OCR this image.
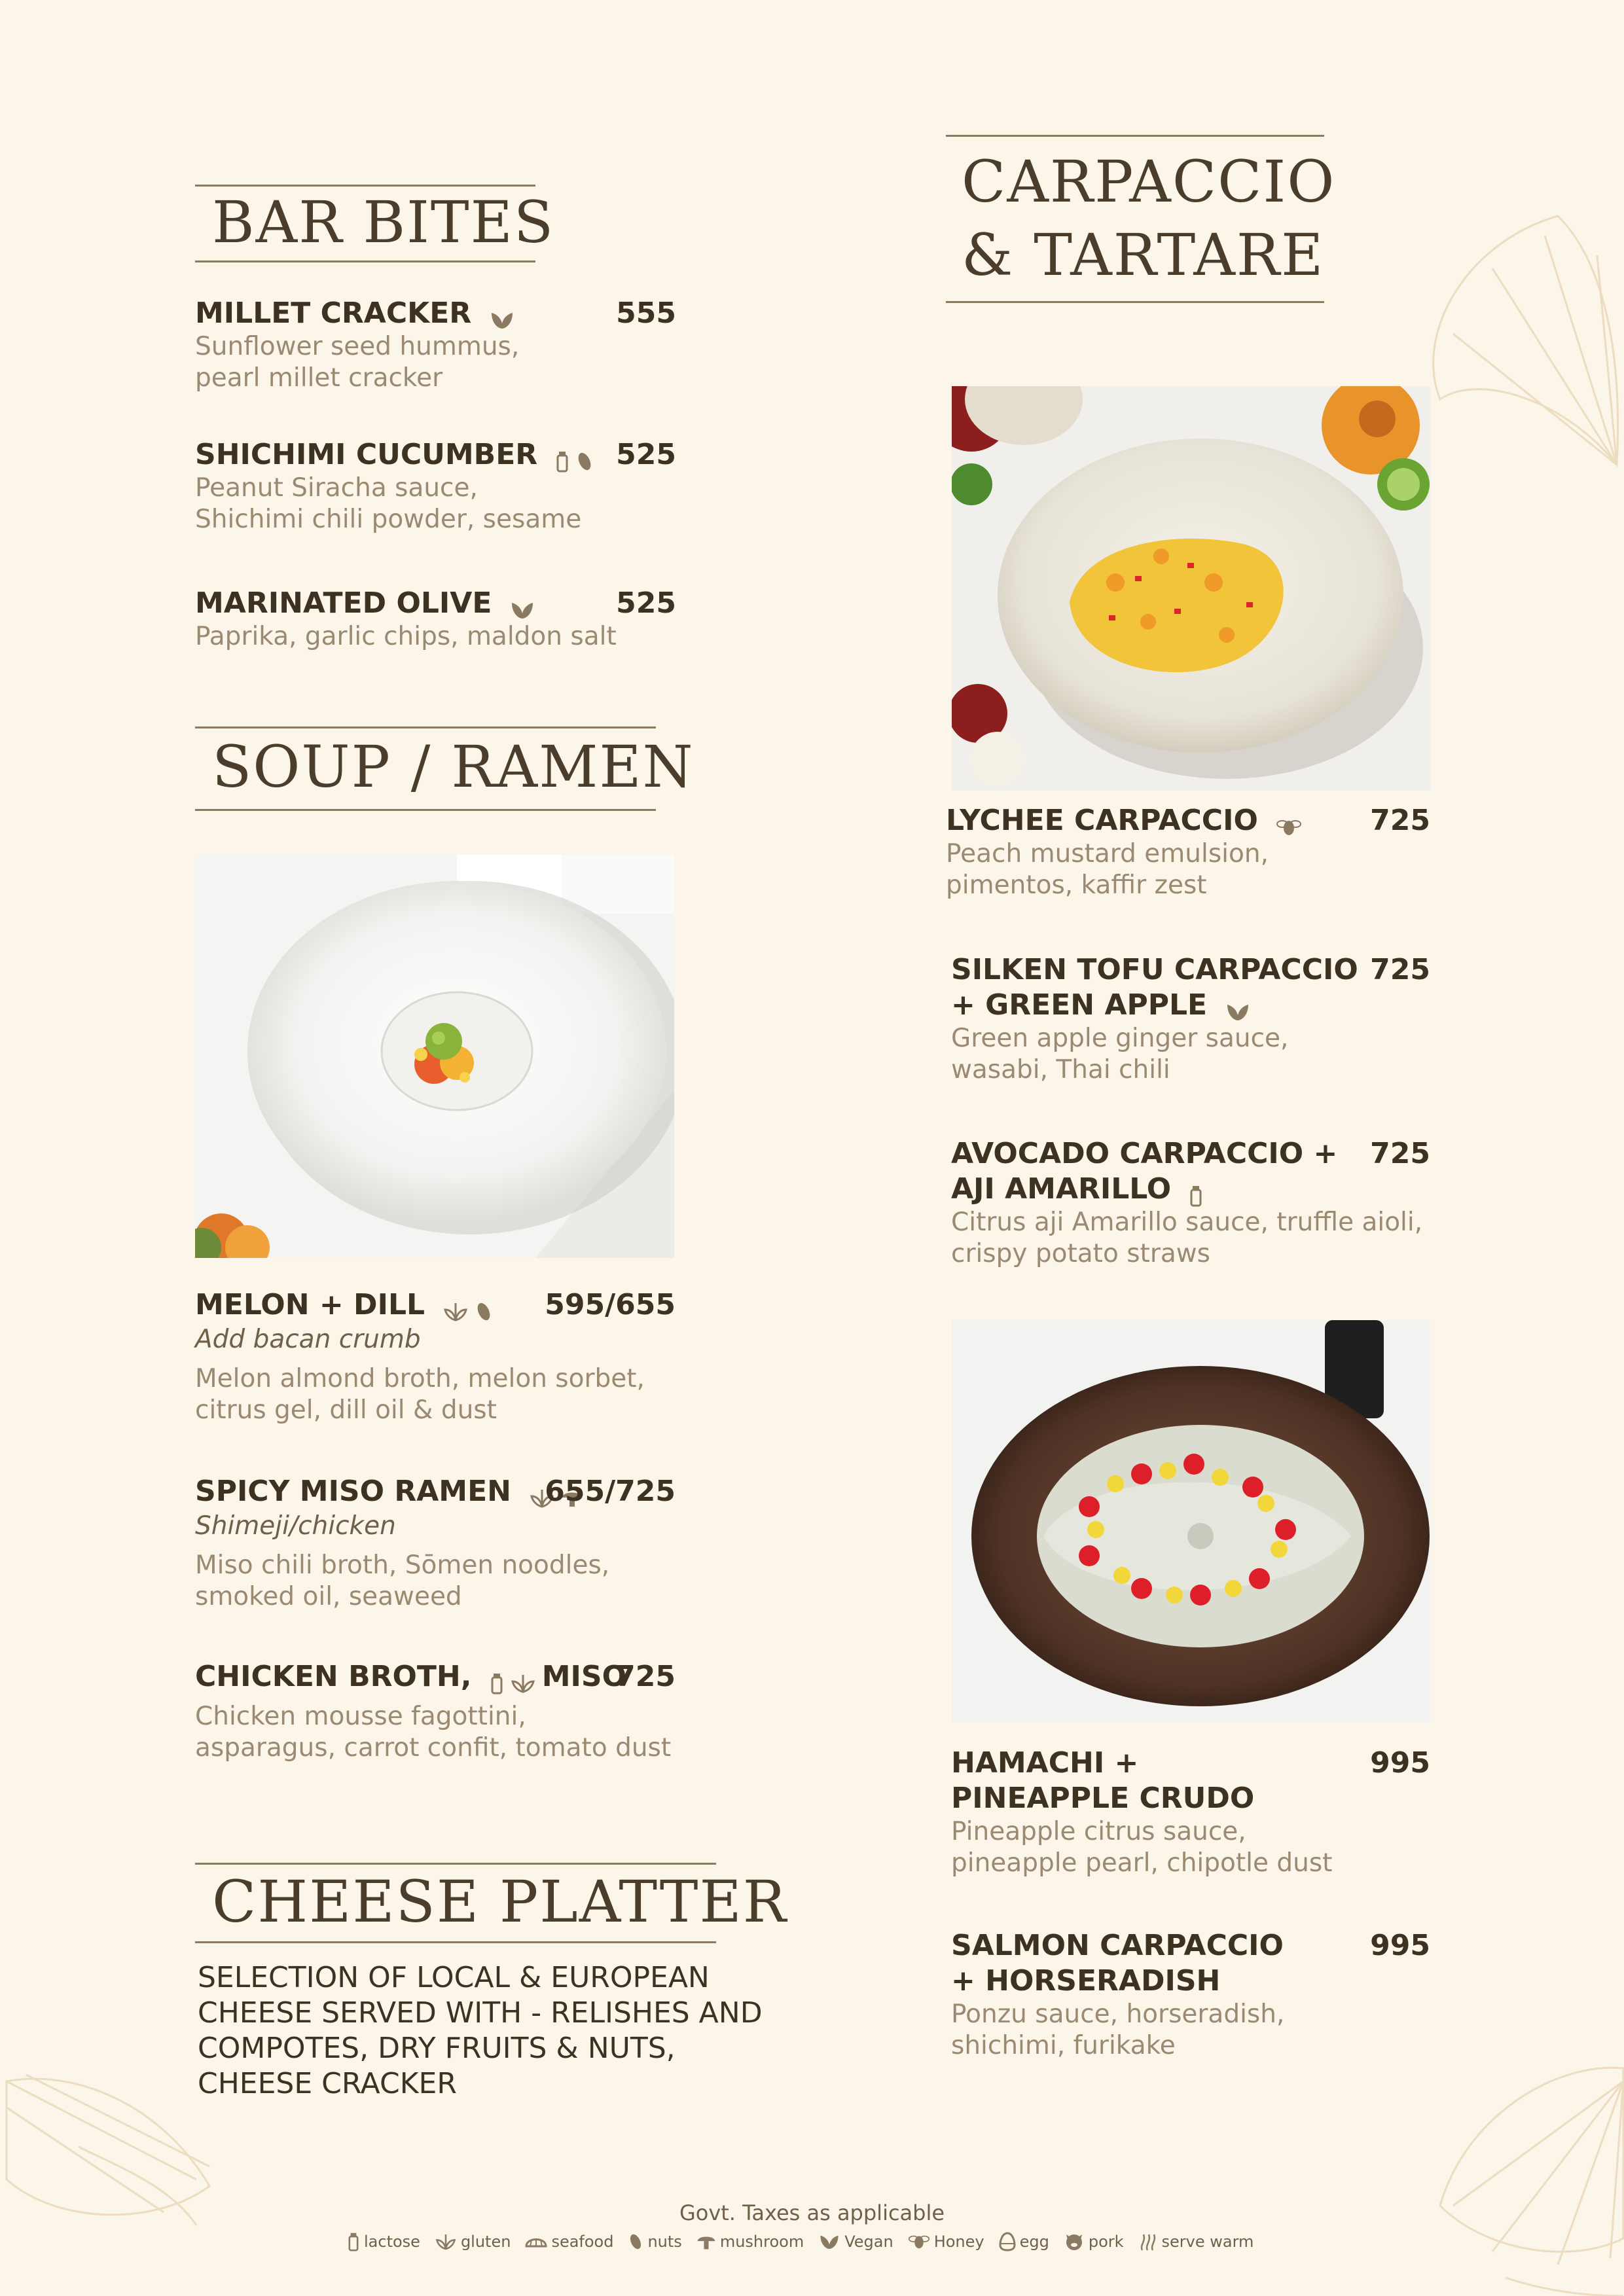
BAR BITES
MILLET CRACKER	555
Sunflower seed hummus,
pearl millet cracker
SHICHIMI CUCUMBER	525
Peanut Siracha sauce,
Shichimi chili powder, sesame
MARINATED OLIVE	525
Paprika, garlic chips, maldon salt
SOUP / RAMEN
MELON + DILL	595/655
Add bacan crumb
Melon almond broth, melon sorbet,
citrus gel, dill oil & dust
SPICY MISO RAMEN 655/725
Shimeji/chicken
Miso chili broth, Sōmen noodles,
smoked oil, seaweed
CHICKEN BROTH,	725
MISO
Chicken mousse fagottini,
asparagus, carrot confit, tomato dust
CHEESE PLATTER
SELECTION OF LOCAL & EUROPEAN
CHEESE SERVED WITH - RELISHES AND
COMPOTES, DRY FRUITS & NUTS,
CHEESE CRACKER
CARPACCIO
& TARTARE
LYCHEE CARPACCIO	725
Peach mustard emulsion,
pimentos, kaffir zest
SILKEN TOFU CARPACCIO 725
+ GREEN APPLE
Green apple ginger sauce,
wasabi, Thai chili
AVOCADO CARPACCIO + 725
AJI AMARILLO
Citrus aji Amarillo sauce, truffle aioli,
crispy potato straws
HAMACHI +	995
PINEAPPLE CRUDO
Pineapple citrus sauce,
pineapple pearl, chipotle dust
SALMON CARPACCIO	995
+ HORSERADISH
Ponzu sauce, horseradish,
shichimi, furikake
Govt. Taxes as applicable
lactose	gluten	seafood nuts mushroom	Vegan	Honey egg	pork serve warm
